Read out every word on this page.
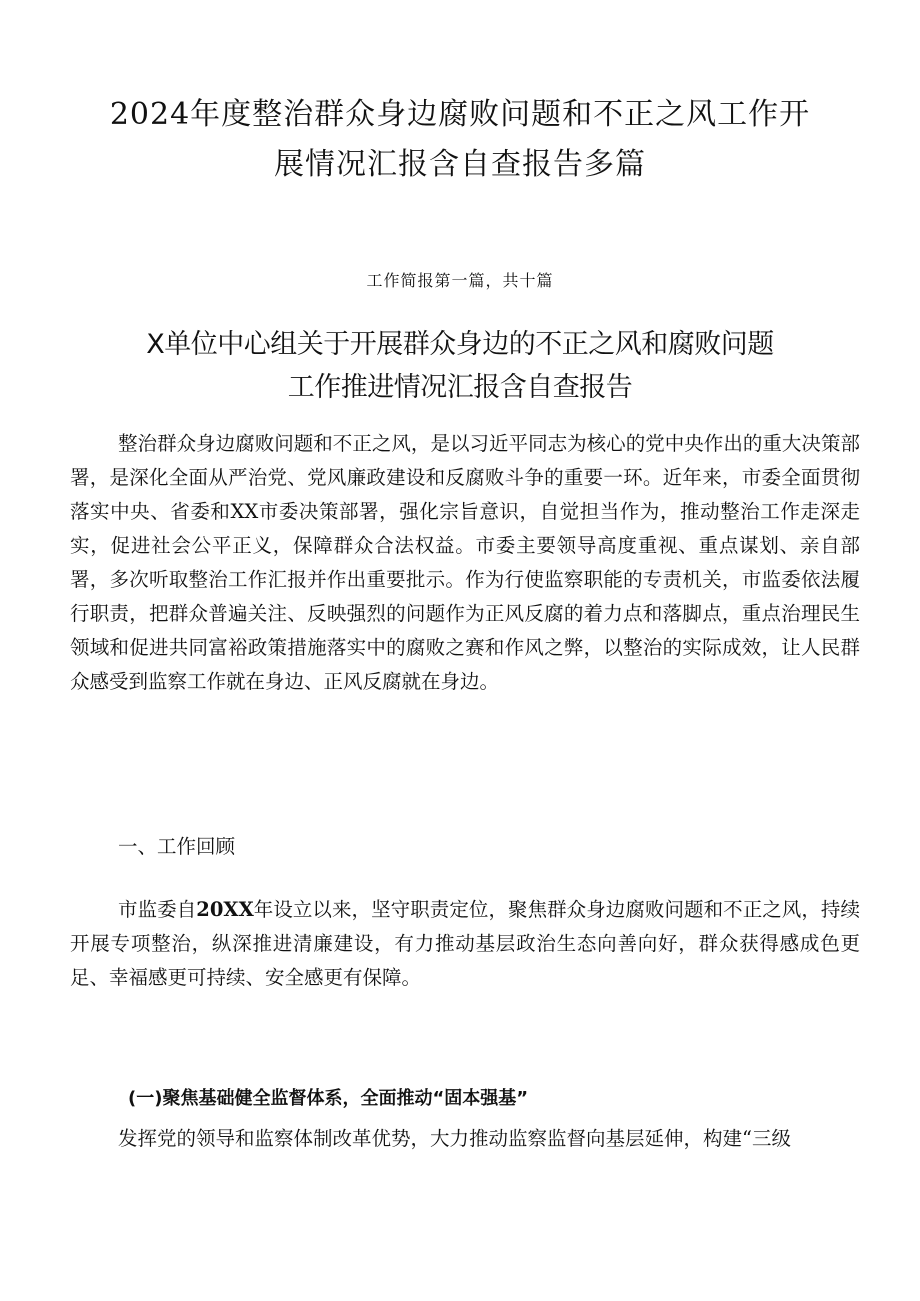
2024年度整治群众身边腐败问题和不正之风工作开
展情况汇报含自查报告多篇
工作简报第一篇，共十篇
X单位中心组关于开展群众身边的不正之风和腐败问题
工作推进情况汇报含自查报告

整治群众身边腐败问题和不正之风，是以习近平同志为核心的党中央作出的重大决策部署，是深化全面从严治党、党风廉政建设和反腐败斗争的重要一环。近年来，市委全面贯彻落实中央、省委和XX市委决策部署，强化宗旨意识，自觉担当作为，推动整治工作走深走实，促进社会公平正义，保障群众合法权益。市委主要领导高度重视、重点谋划、亲自部署，多次听取整治工作汇报并作出重要批示。作为行使监察职能的专责机关，市监委依法履行职责，把群众普遍关注、反映强烈的问题作为正风反腐的着力点和落脚点，重点治理民生领域和促进共同富裕政策措施落实中的腐败之赛和作风之弊，以整治的实际成效，让人民群众感受到监察工作就在身边、正风反腐就在身边。

一、工作回顾

市监委自20XX年设立以来，坚守职责定位，聚焦群众身边腐败问题和不正之风，持续开展专项整治，纵深推进清廉建设，有力推动基层政治生态向善向好，群众获得感成色更足、幸福感更可持续、安全感更有保障。

(一)聚焦基础健全监督体系，全面推动“固本强基”

发挥党的领导和监察体制改革优势，大力推动监察监督向基层延伸，构建“三级
